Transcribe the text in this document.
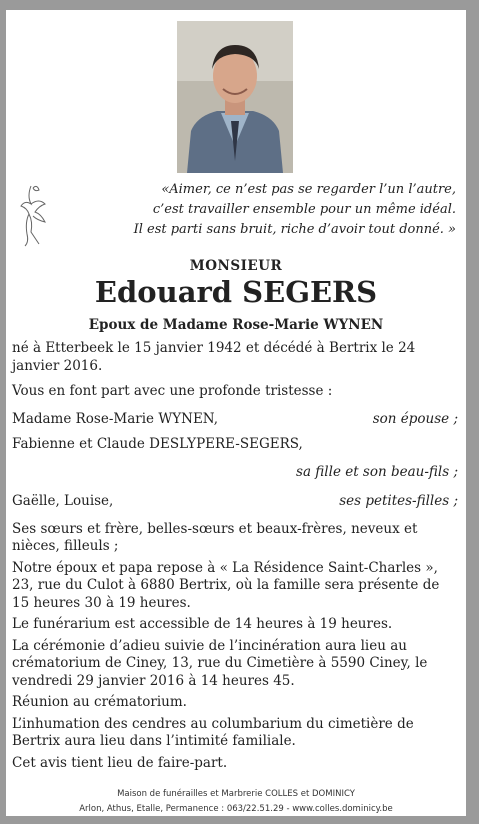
«Aimer, ce n’est pas se regarder l’un l’autre,
c’est travailler ensemble pour un même idéal.
Il est parti sans bruit, riche d’avoir tout donné. »
MONSIEUR
Edouard SEGERS
Epoux de Madame Rose-Marie WYNEN

né à Etterbeek le 15 janvier 1942 et décédé à Bertrix le 24 janvier 2016.

Vous en font part avec une profonde tristesse :

Madame Rose-Marie WYNEN,	son épouse ;
Fabienne et Claude DESLYPERE-SEGERS,
sa fille et son beau-fils ;
Gaëlle, Louise,	ses petites-filles ;

Ses sœurs et frère, belles-sœurs et beaux-frères, neveux et nièces, filleuls ;

Notre époux et papa repose à « La Résidence Saint-Charles », 23, rue du Culot à 6880 Bertrix, où la famille sera présente de 15 heures 30 à 19 heures.

Le funérarium est accessible de 14 heures à 19 heures.

La cérémonie d’adieu suivie de l’incinération aura lieu au crématorium de Ciney, 13, rue du Cimetière à 5590 Ciney, le vendredi 29 janvier 2016 à 14 heures 45.

Réunion au crématorium.

L’inhumation des cendres au columbarium du cimetière de Bertrix aura lieu dans l’intimité familiale.

Cet avis tient lieu de faire-part.

Maison de funérailles et Marbrerie COLLES et DOMINICY
Arlon, Athus, Etalle, Permanence : 063/22.51.29 - www.colles.dominicy.be
